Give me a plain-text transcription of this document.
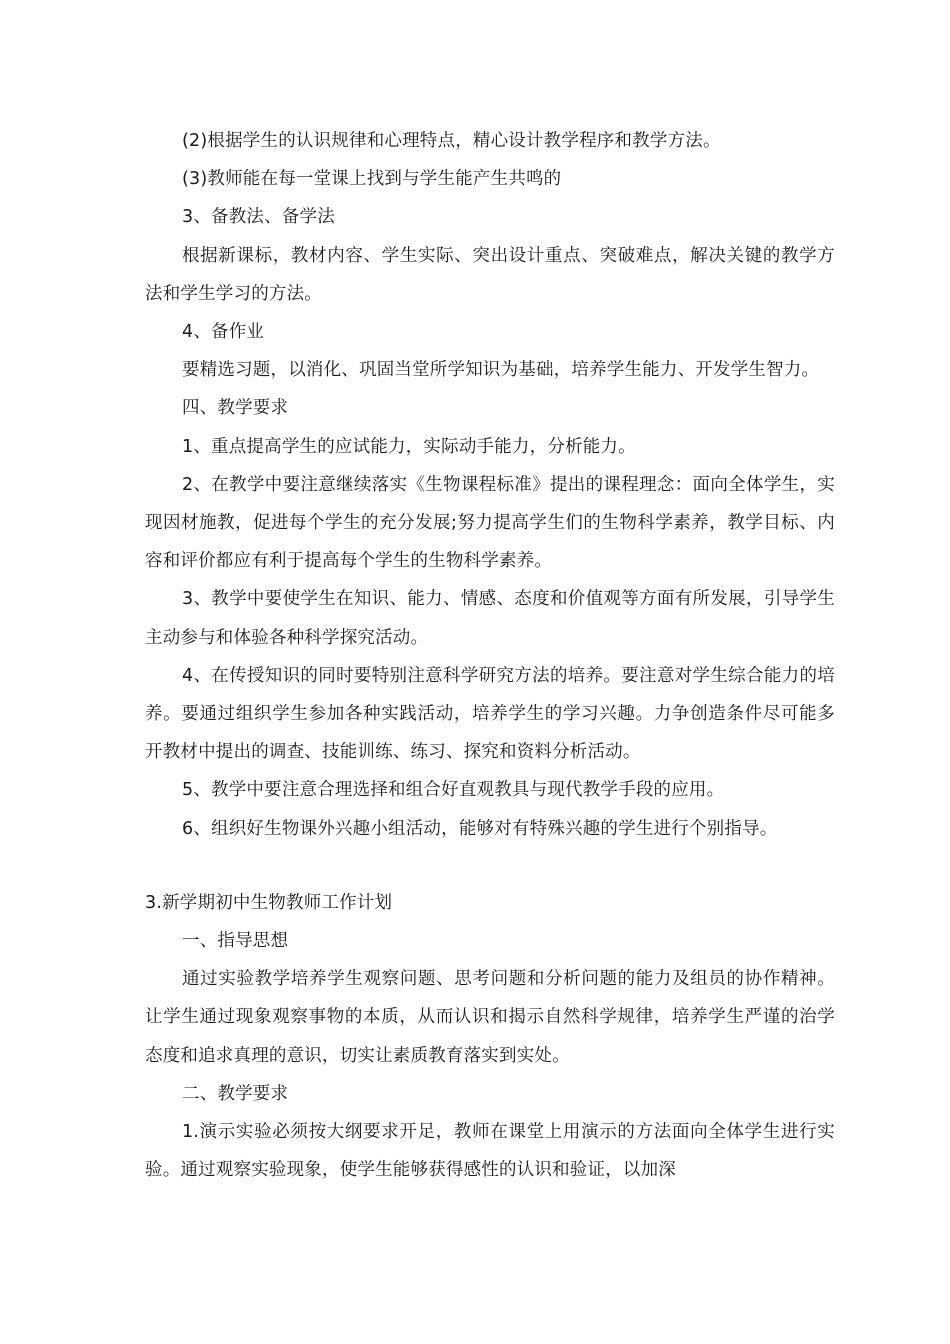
(2)根据学生的认识规律和心理特点，精心设计教学程序和教学方法。

(3)教师能在每一堂课上找到与学生能产生共鸣的

3、备教法、备学法

根据新课标，教材内容、学生实际、突出设计重点、突破难点，解决关键的教学方法和学生学习的方法。

4、备作业

要精选习题，以消化、巩固当堂所学知识为基础，培养学生能力、开发学生智力。

四、教学要求

1、重点提高学生的应试能力，实际动手能力，分析能力。

2、在教学中要注意继续落实《生物课程标准》提出的课程理念：面向全体学生，实现因材施教，促进每个学生的充分发展;努力提高学生们的生物科学素养，教学目标、内容和评价都应有利于提高每个学生的生物科学素养。

3、教学中要使学生在知识、能力、情感、态度和价值观等方面有所发展，引导学生主动参与和体验各种科学探究活动。

4、在传授知识的同时要特别注意科学研究方法的培养。要注意对学生综合能力的培养。要通过组织学生参加各种实践活动，培养学生的学习兴趣。力争创造条件尽可能多开教材中提出的调查、技能训练、练习、探究和资料分析活动。

5、教学中要注意合理选择和组合好直观教具与现代教学手段的应用。

6、组织好生物课外兴趣小组活动，能够对有特殊兴趣的学生进行个别指导。

3.新学期初中生物教师工作计划

一、指导思想

通过实验教学培养学生观察问题、思考问题和分析问题的能力及组员的协作精神。让学生通过现象观察事物的本质，从而认识和揭示自然科学规律，培养学生严谨的治学态度和追求真理的意识，切实让素质教育落实到实处。

二、教学要求

1.演示实验必须按大纲要求开足，教师在课堂上用演示的方法面向全体学生进行实验。通过观察实验现象，使学生能够获得感性的认识和验证，以加深
